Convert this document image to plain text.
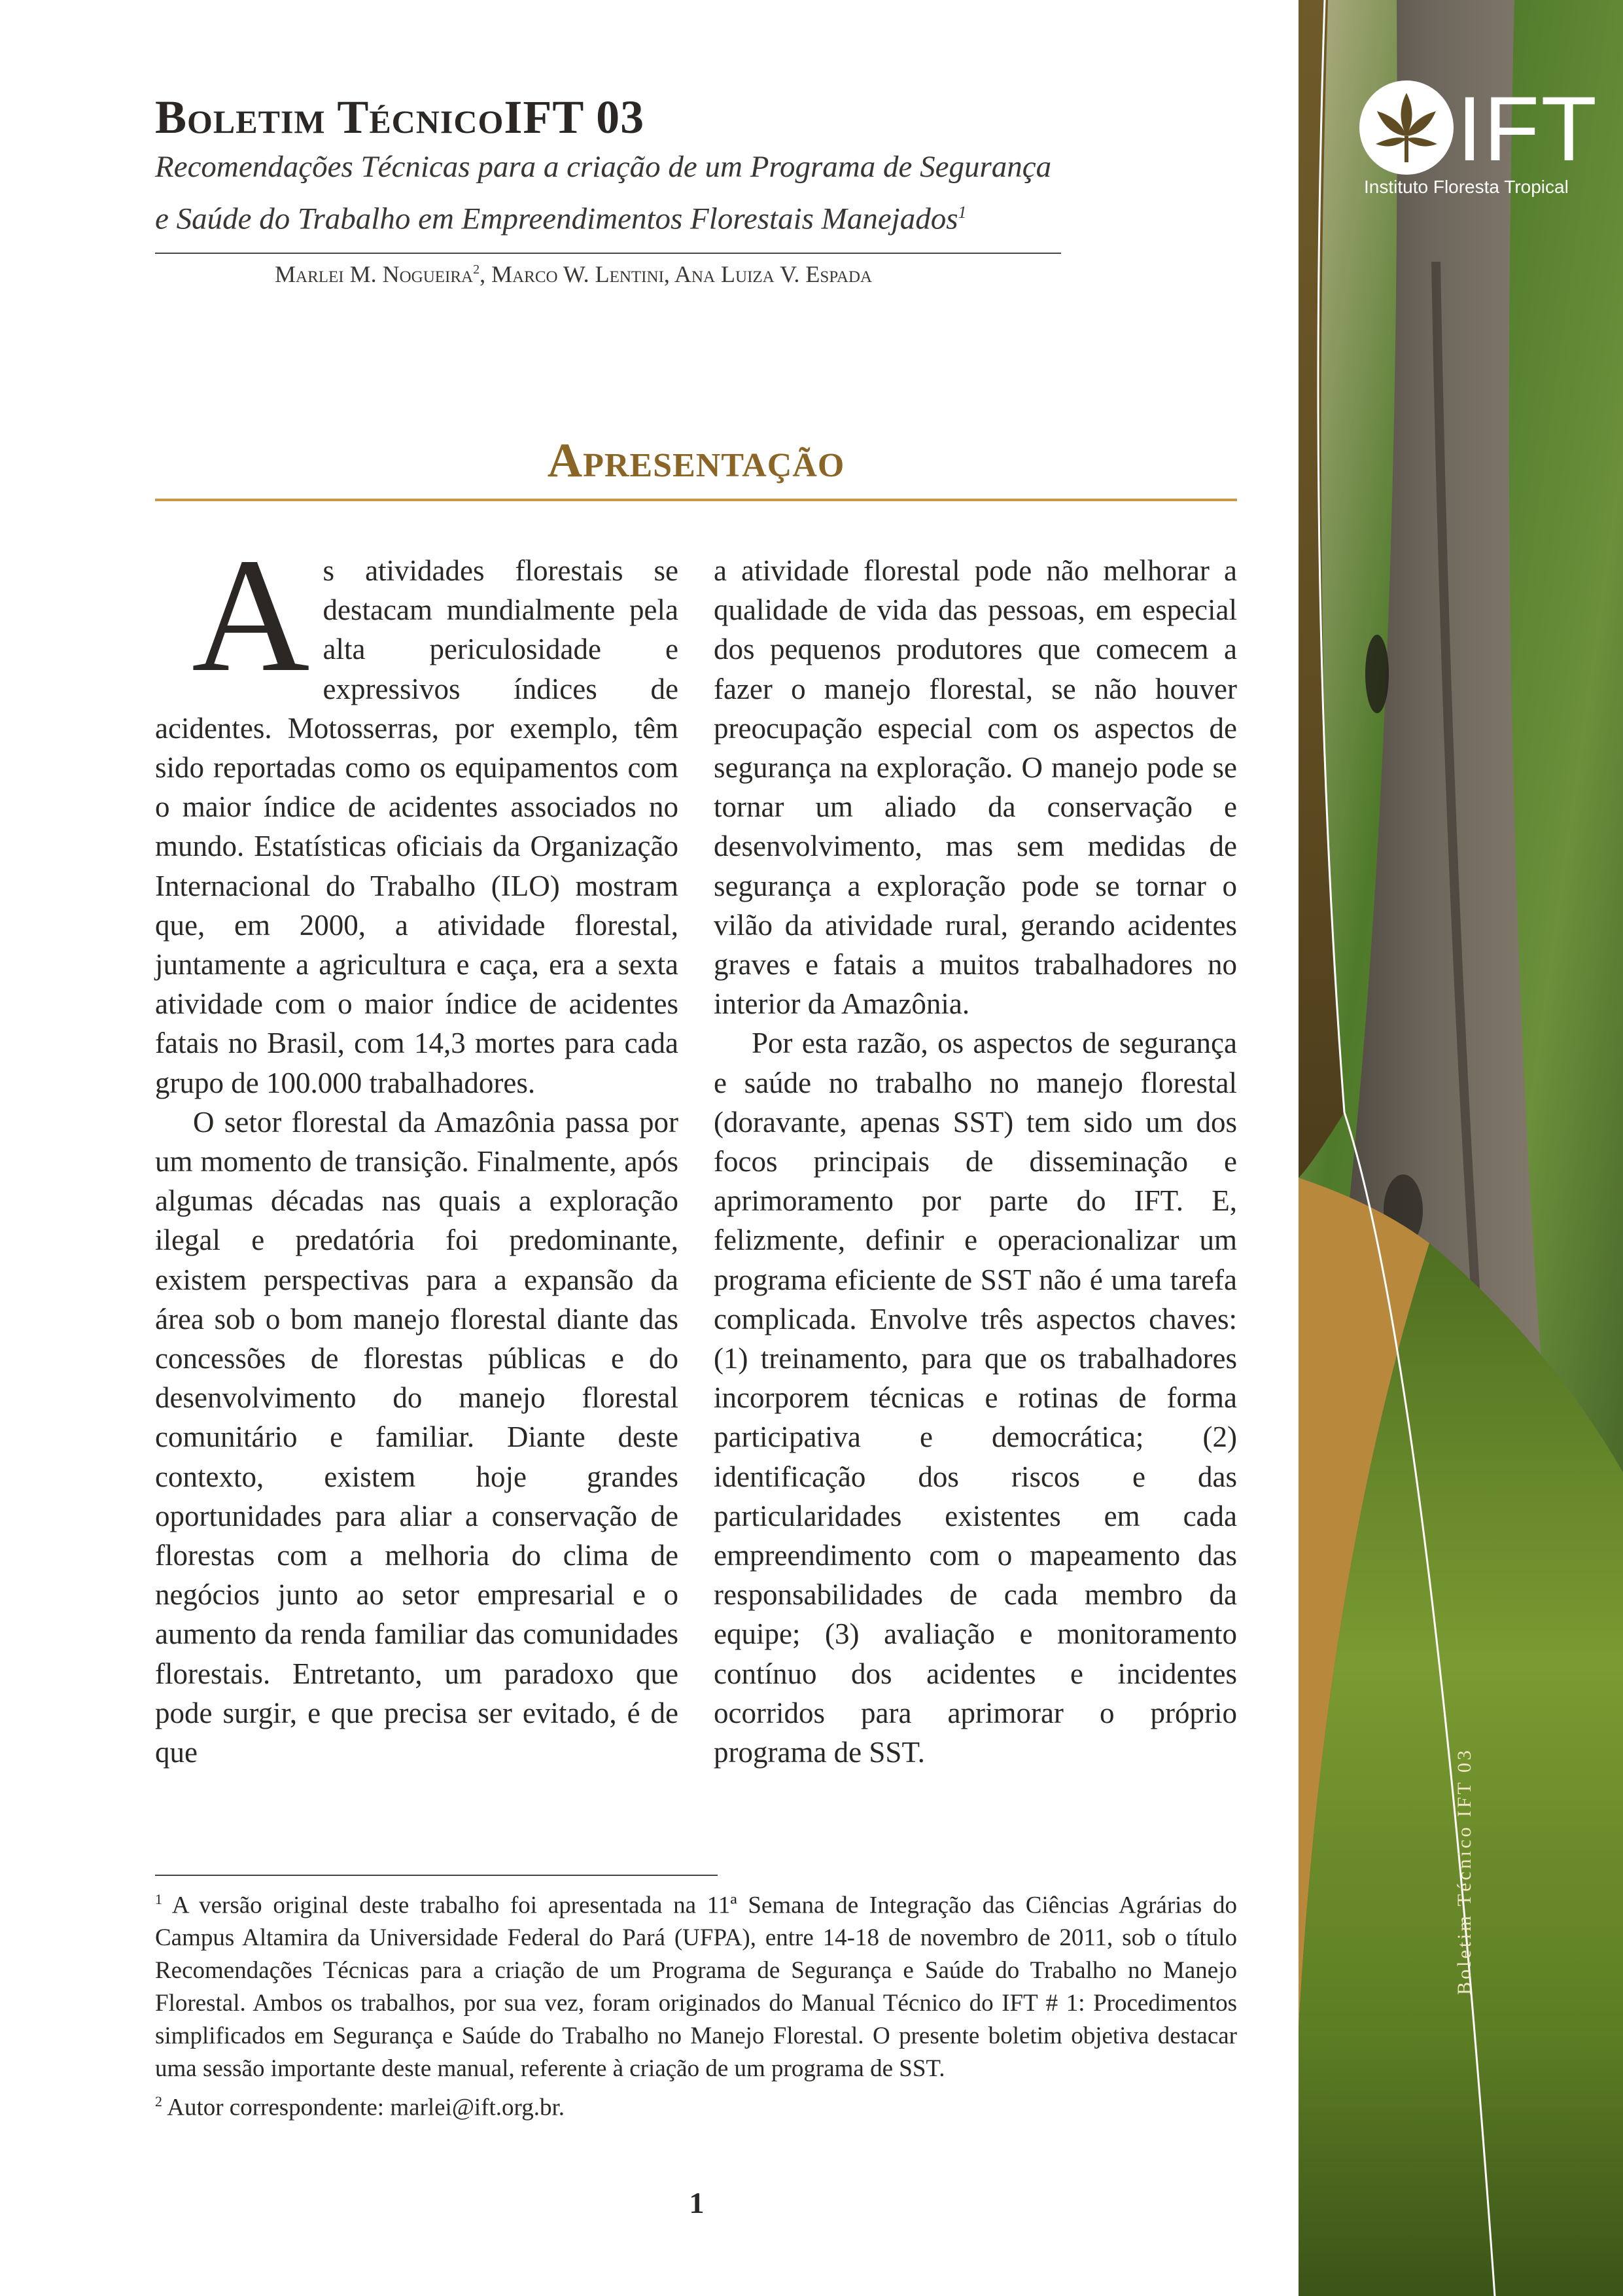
IFT
Instituto Floresta Tropical
Boletim Técnico IFT 03
Boletim TécnicoIFT 03

Recomendações Técnicas para a criação de um Programa de Segurança e Saúde do Trabalho em Empreendimentos Florestais Manejados$^1$

Marlei M. Nogueira$^2$, Marco W. Lentini, Ana Luiza V. Espada

Apresentação

As atividades florestais se destacam mundialmente pela alta periculosidade e expressivos índices de acidentes. Motosserras, por exemplo, têm sido reportadas como os equipamentos com o maior índice de acidentes associados no mundo. Estatísticas oficiais da Organização Internacional do Trabalho (ILO) mostram que, em 2000, a atividade florestal, juntamente a agricultura e caça, era a sexta atividade com o maior índice de acidentes fatais no Brasil, com 14,3 mortes para cada grupo de 100.000 trabalhadores.

O setor florestal da Amazônia passa por um momento de transição. Finalmente, após algumas décadas nas quais a exploração ilegal e predatória foi predominante, existem perspectivas para a expansão da área sob o bom manejo florestal diante das concessões de florestas públicas e do desenvolvimento do manejo florestal comunitário e familiar. Diante deste contexto, existem hoje grandes oportunidades para aliar a conservação de florestas com a melhoria do clima de negócios junto ao setor empresarial e o aumento da renda familiar das comunidades florestais. Entretanto, um paradoxo que pode surgir, e que precisa ser evitado, é de que

a atividade florestal pode não melhorar a qualidade de vida das pessoas, em especial dos pequenos produtores que comecem a fazer o manejo florestal, se não houver preocupação especial com os aspectos de segurança na exploração. O manejo pode se tornar um aliado da conservação e desenvolvimento, mas sem medidas de segurança a exploração pode se tornar o vilão da atividade rural, gerando acidentes graves e fatais a muitos trabalhadores no interior da Amazônia.

Por esta razão, os aspectos de segurança e saúde no trabalho no manejo florestal (doravante, apenas SST) tem sido um dos focos principais de disseminação e aprimoramento por parte do IFT. E, felizmente, definir e operacionalizar um programa eficiente de SST não é uma tarefa complicada. Envolve três aspectos chaves: (1) treinamento, para que os trabalhadores incorporem técnicas e rotinas de forma participativa e democrática; (2) identificação dos riscos e das particularidades existentes em cada empreendimento com o mapeamento das responsabilidades de cada membro da equipe; (3) avaliação e monitoramento contínuo dos acidentes e incidentes ocorridos para aprimorar o próprio programa de SST.

$^1$ A versão original deste trabalho foi apresentada na 11ª Semana de Integração das Ciências Agrárias do Campus Altamira da Universidade Federal do Pará (UFPA), entre 14-18 de novembro de 2011, sob o título Recomendações Técnicas para a criação de um Programa de Segurança e Saúde do Trabalho no Manejo Florestal. Ambos os trabalhos, por sua vez, foram originados do Manual Técnico do IFT # 1: Procedimentos simplificados em Segurança e Saúde do Trabalho no Manejo Florestal. O presente boletim objetiva destacar uma sessão importante deste manual, referente à criação de um programa de SST.

$^2$ Autor correspondente: marlei@ift.org.br.

1
